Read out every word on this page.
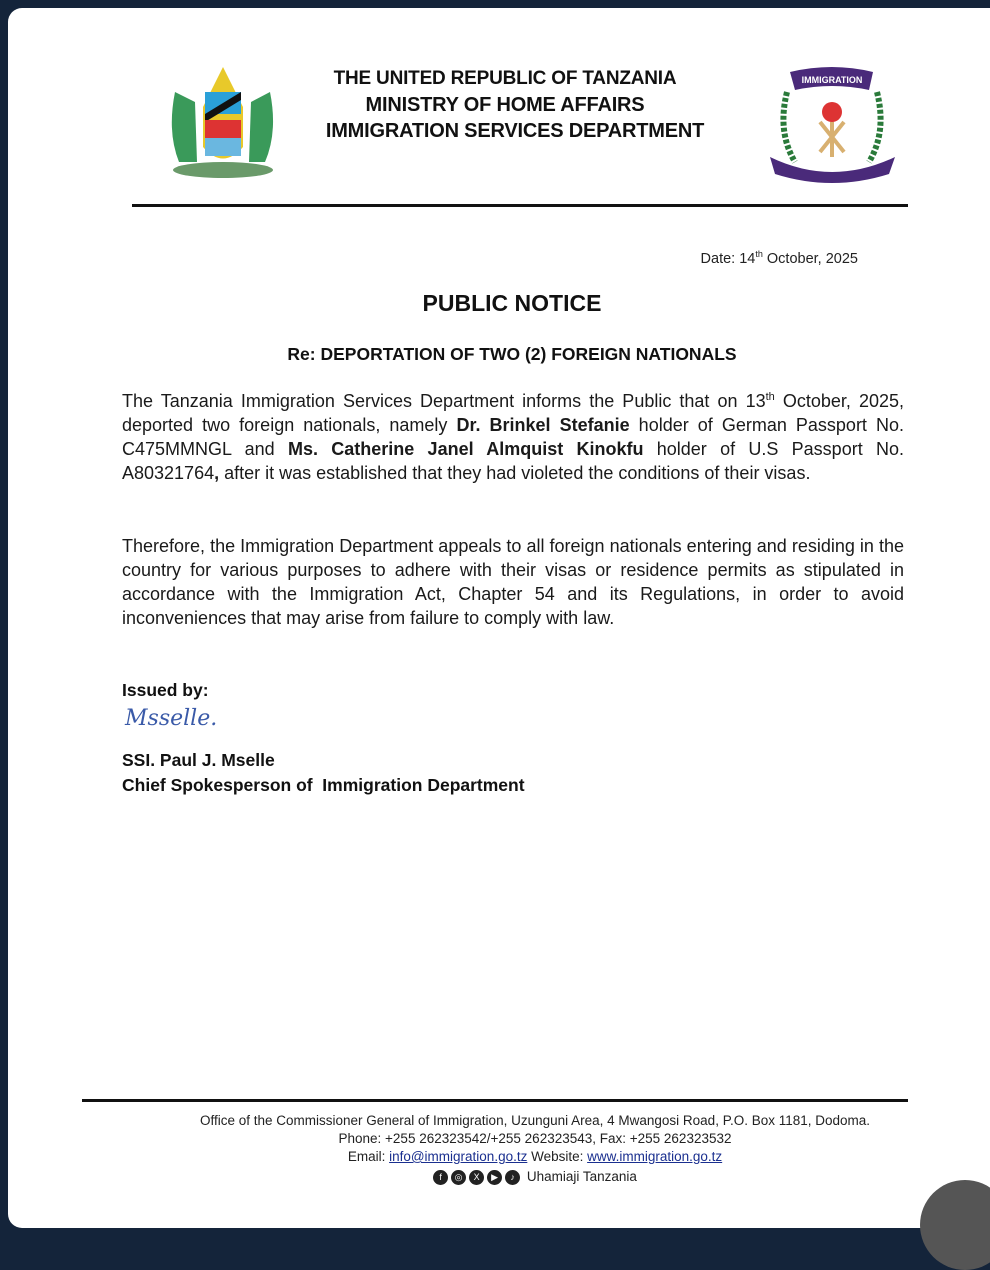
IMMIGRATION
TANZANIA
THE UNITED REPUBLIC OF TANZANIA
MINISTRY OF HOME AFFAIRS
IMMIGRATION SERVICES DEPARTMENT
Date: 14th October, 2025
PUBLIC NOTICE
Re: DEPORTATION OF TWO (2) FOREIGN NATIONALS
The Tanzania Immigration Services Department informs the Public that on 13th October, 2025, deported two foreign nationals, namely Dr. Brinkel Stefanie holder of German Passport No. C475MMNGL and Ms. Catherine Janel Almquist Kinokfu holder of U.S Passport No. A80321764, after it was established that they had violeted the conditions of their visas.
Therefore, the Immigration Department appeals to all foreign nationals entering and residing in the country for various purposes to adhere with their visas or residence permits as stipulated in accordance with the Immigration Act, Chapter 54 and its Regulations, in order to avoid inconveniences that may arise from failure to comply with law.
Issued by:
Msselle.
SSI. Paul J. Mselle
Chief Spokesperson of  Immigration Department
Office of the Commissioner General of Immigration, Uzunguni Area, 4 Mwangosi Road, P.O. Box 1181, Dodoma.
Phone: +255 262323542/+255 262323543, Fax: +255 262323532
Email: info@immigration.go.tz Website: www.immigration.go.tz
f ◎ X ▶ ♪ Uhamiaji Tanzania
